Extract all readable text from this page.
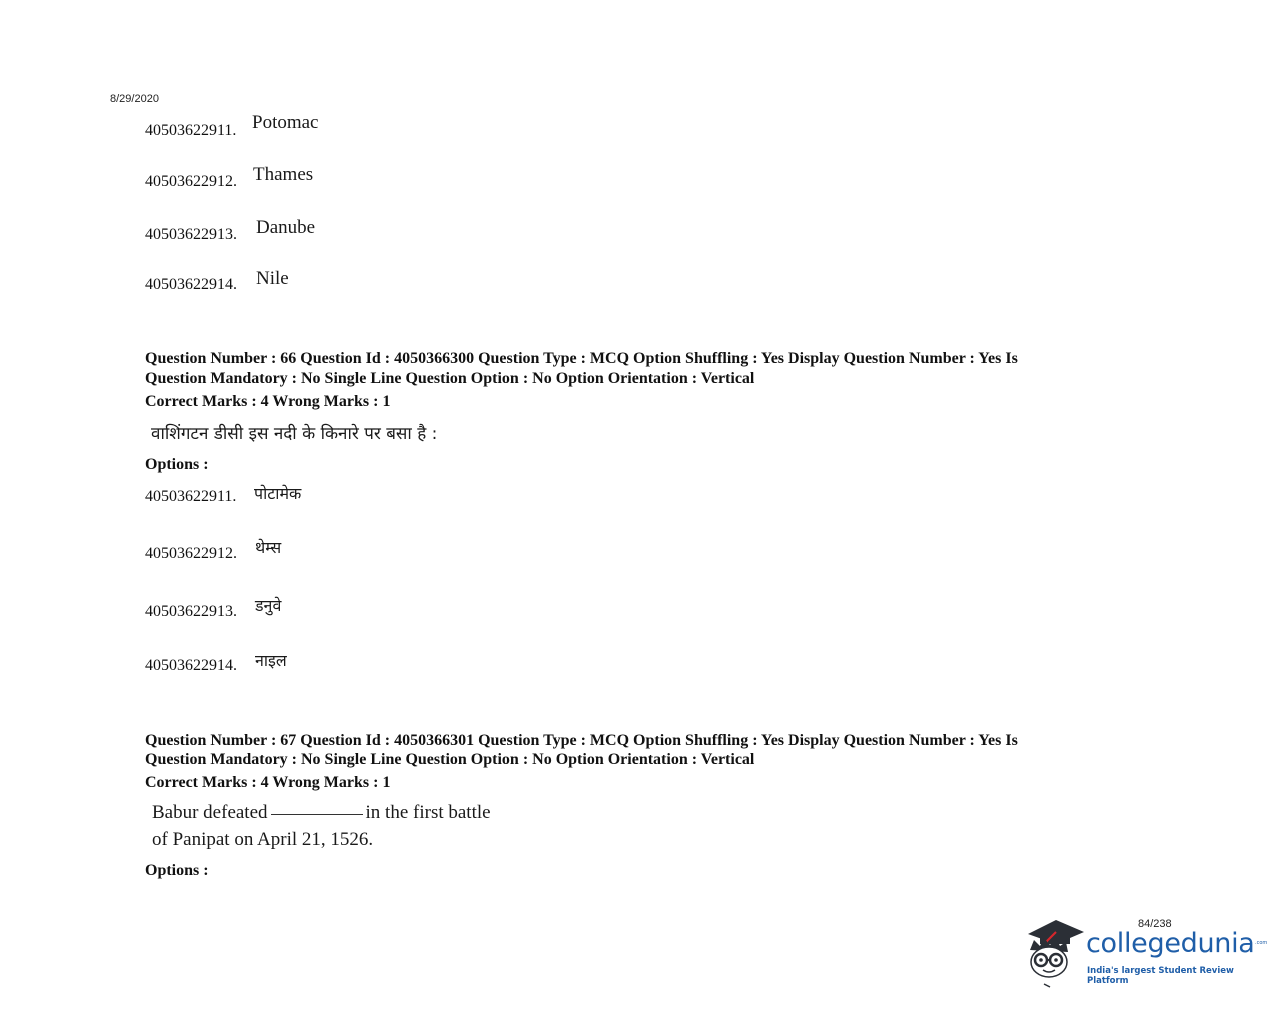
8/29/2020
40503622911. Potomac
40503622912. Thames
40503622913. Danube
40503622914. Nile
Question Number : 66 Question Id : 4050366300 Question Type : MCQ Option Shuffling : Yes Display Question Number : Yes Is
Question Mandatory : No Single Line Question Option : No Option Orientation : Vertical
Correct Marks : 4 Wrong Marks : 1
वाशिंगटन डीसी इस नदी के किनारे पर बसा है :
Options :
40503622911. पोटामेक
40503622912. थेम्स
40503622913. डनुवे
40503622914. नाइल
Question Number : 67 Question Id : 4050366301 Question Type : MCQ Option Shuffling : Yes Display Question Number : Yes Is
Question Mandatory : No Single Line Question Option : No Option Orientation : Vertical
Correct Marks : 4 Wrong Marks : 1
Babur defeated	in the first battle
of Panipat on April 21, 1526.
Options :
84/238
collegedunia .com
India's largest Student Review Platform
